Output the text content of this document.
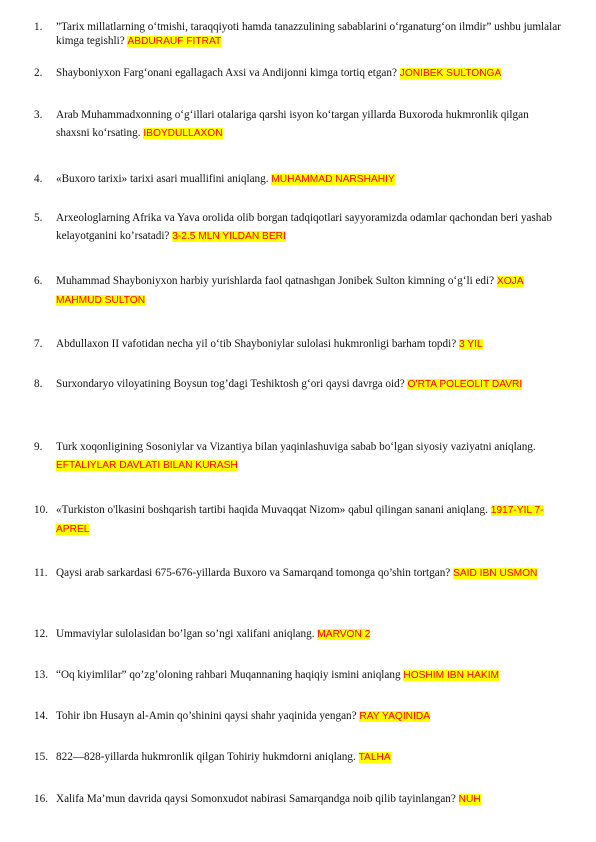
1. ”Tarix millatlarning o‘tmishi, taraqqiyoti hamda tanazzulining sabablarini o‘rganaturg‘on ilmdir” ushbu jumlalar kimga tegishli? ABDURAUF FITRAT
2. Shayboniyxon Farg‘onani egallagach Axsi va Andijonni kimga tortiq etgan? JONIBEK SULTONGA
3. Arab Muhammadxonning o‘g‘illari otalariga qarshi isyon ko‘targan yillarda Buxoroda hukmronlik qilgan shaxsni ko‘rsating. IBOYDULLAXON
4. «Buxoro tarixi» tarixi asari muallifini aniqlang. MUHAMMAD NARSHAHIY
5. Arxeologlarning Afrika va Yava orolida olib borgan tadqiqotlari sayyoramizda odamlar qachondan beri yashab kelayotganini ko’rsatadi? 3-2.5 MLN YILDAN BERI
6. Muhammad Shayboniyxon harbiy yurishlarda faol qatnashgan Jonibek Sulton kimning o‘g‘li edi? XOJA MAHMUD SULTON
7. Abdullaxon II vafotidan necha yil o‘tib Shayboniylar sulolasi hukmronligi barham topdi? 3 YIL
8. Surxondaryo viloyatining Boysun tog’dagi Teshiktosh g‘ori qaysi davrga oid? O’RTA POLEOLIT DAVRI
9. Turk xoqonligining Sosoniylar va Vizantiya bilan yaqinlashuviga sabab bo‘lgan siyosiy vaziyatni aniqlang. EFTALIYLAR DAVLATI BILAN KURASH
10. «Turkiston o'lkasini boshqarish tartibi haqida Muvaqqat Nizom» qabul qilingan sanani aniqlang. 1917-YIL 7-APREL
11. Qaysi arab sarkardasi 675-676-yillarda Buxoro va Samarqand tomonga qo’shin tortgan? SAID IBN USMON
12. Ummaviylar sulolasidan bo’lgan so’ngi xalifani aniqlang. MARVON 2
13. “Oq kiyimlilar” qo’zg’oloning rahbari Muqannaning haqiqiy ismini aniqlang HOSHIM IBN HAKIM
14. Tohir ibn Husayn al-Amin qo’shinini qaysi shahr yaqinida yengan? RAY YAQINIDA
15. 822—828-yillarda hukmronlik qilgan Tohiriy hukmdorni aniqlang. TALHA
16. Xalifa Ma’mun davrida qaysi Somonxudot nabirasi Samarqandga noib qilib tayinlangan? NUH
